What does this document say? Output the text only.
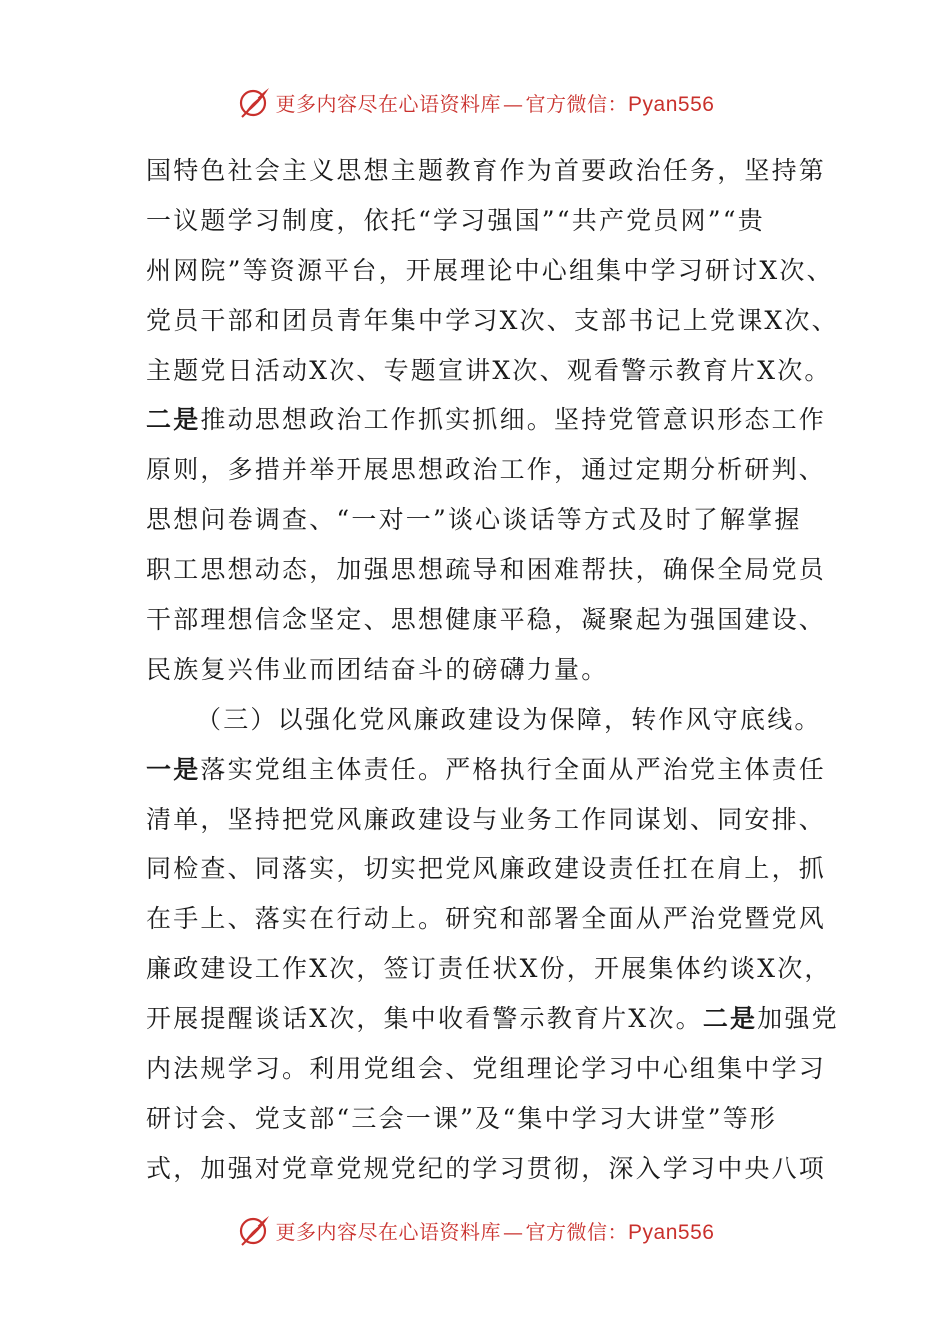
更多内容尽在心语资料库 — 官方微信：Pyan556
国特色社会主义思想主题教育作为首要政治任务，坚持第
一议题学习制度，依托“学习强国”“共产党员网”“贵
州网院”等资源平台，开展理论中心组集中学习研讨X次、
党员干部和团员青年集中学习X次、支部书记上党课X次、
主题党日活动X次、专题宣讲X次、观看警示教育片X次。
二是推动思想政治工作抓实抓细。坚持党管意识形态工作
原则，多措并举开展思想政治工作，通过定期分析研判、
思想问卷调查、“一对一”谈心谈话等方式及时了解掌握
职工思想动态，加强思想疏导和困难帮扶，确保全局党员
干部理想信念坚定、思想健康平稳，凝聚起为强国建设、
民族复兴伟业而团结奋斗的磅礴力量。
（三）以强化党风廉政建设为保障，转作风守底线。
一是落实党组主体责任。严格执行全面从严治党主体责任
清单，坚持把党风廉政建设与业务工作同谋划、同安排、
同检查、同落实，切实把党风廉政建设责任扛在肩上，抓
在手上、落实在行动上。研究和部署全面从严治党暨党风
廉政建设工作X次，签订责任状X份，开展集体约谈X次，
开展提醒谈话X次，集中收看警示教育片X次。二是加强党
内法规学习。利用党组会、党组理论学习中心组集中学习
研讨会、党支部“三会一课”及“集中学习大讲堂”等形
式，加强对党章党规党纪的学习贯彻，深入学习中央八项
更多内容尽在心语资料库 — 官方微信：Pyan556
